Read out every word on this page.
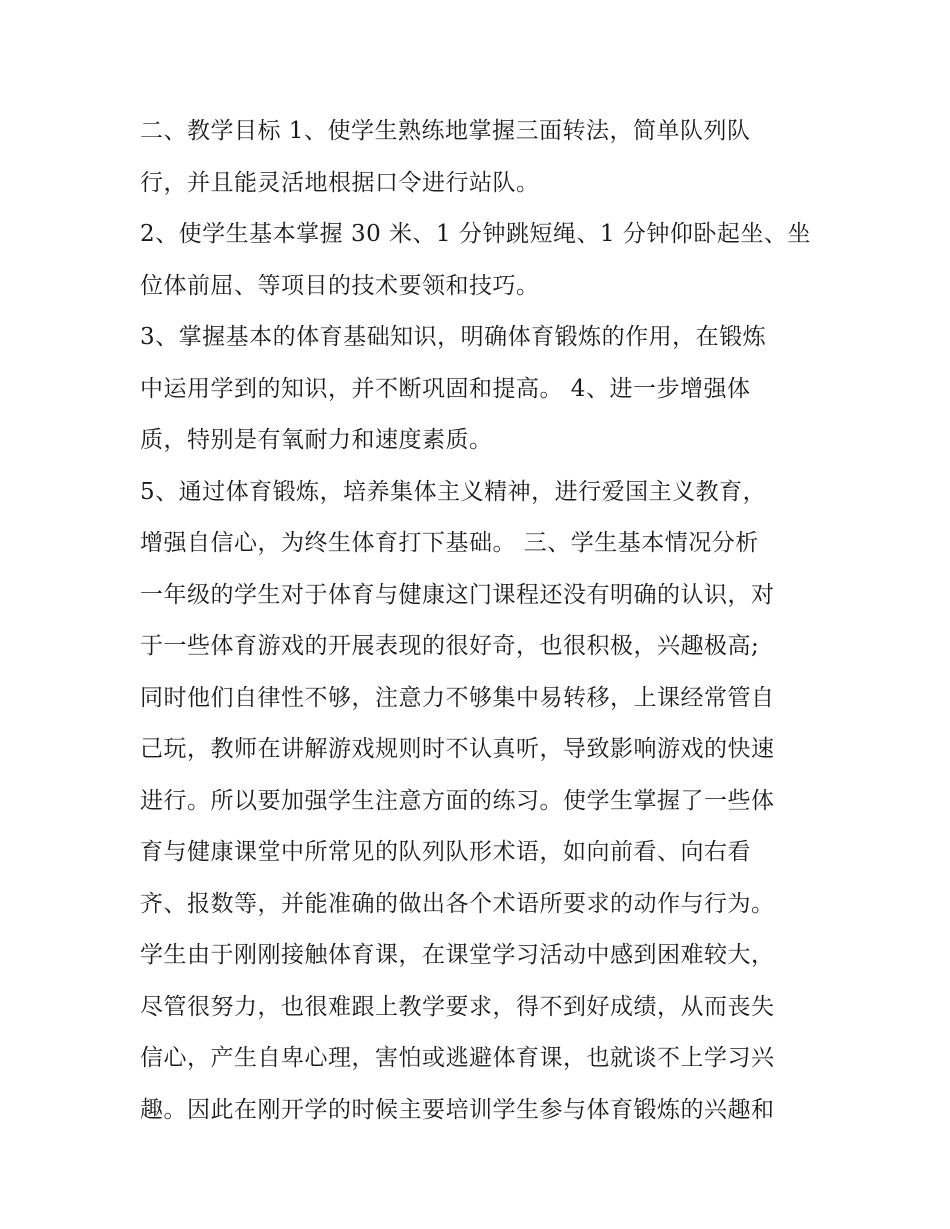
二、教学目标 1、使学生熟练地掌握三面转法，简单队列队
行，并且能灵活地根据口令进行站队。
2、使学生基本掌握 30 米、1 分钟跳短绳、1 分钟仰卧起坐、坐
位体前屈、等项目的技术要领和技巧。
3、掌握基本的体育基础知识，明确体育锻炼的作用，在锻炼
中运用学到的知识，并不断巩固和提高。 4、进一步增强体
质，特别是有氧耐力和速度素质。
5、通过体育锻炼，培养集体主义精神，进行爱国主义教育，
增强自信心，为终生体育打下基础。 三、学生基本情况分析
一年级的学生对于体育与健康这门课程还没有明确的认识，对
于一些体育游戏的开展表现的很好奇，也很积极，兴趣极高;
同时他们自律性不够，注意力不够集中易转移，上课经常管自
己玩，教师在讲解游戏规则时不认真听，导致影响游戏的快速
进行。所以要加强学生注意方面的练习。使学生掌握了一些体
育与健康课堂中所常见的队列队形术语，如向前看、向右看
齐、报数等，并能准确的做出各个术语所要求的动作与行为。
学生由于刚刚接触体育课，在课堂学习活动中感到困难较大，
尽管很努力，也很难跟上教学要求，得不到好成绩，从而丧失
信心，产生自卑心理，害怕或逃避体育课，也就谈不上学习兴
趣。因此在刚开学的时候主要培训学生参与体育锻炼的兴趣和
